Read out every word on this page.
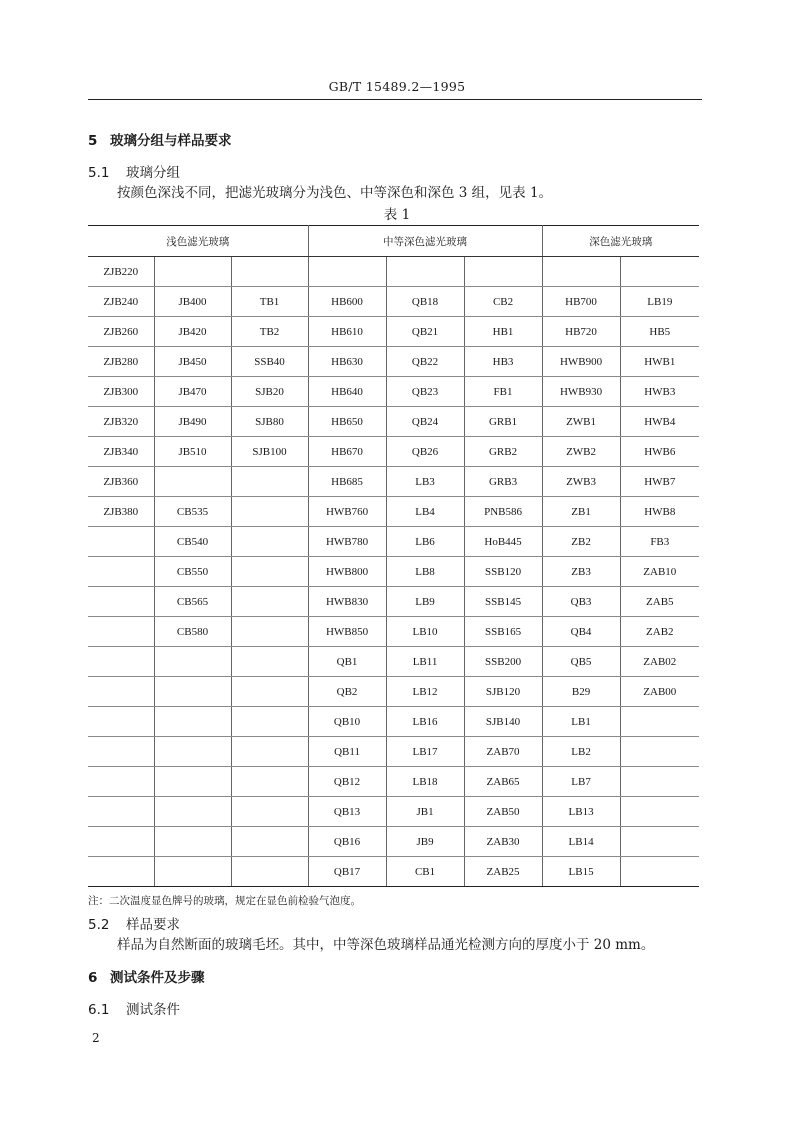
GB/T 15489.2—1995
5 玻璃分组与样品要求
5.1 玻璃分组
按颜色深浅不同，把滤光玻璃分为浅色、中等深色和深色 3 组，见表 1。
表 1
浅色滤光玻璃			中等深色滤光玻璃			深色滤光玻璃	
ZJB220							
ZJB240	JB400	TB1	HB600	QB18	CB2	HB700	LB19
ZJB260	JB420	TB2	HB610	QB21	HB1	HB720	HB5
ZJB280	JB450	SSB40	HB630	QB22	HB3	HWB900	HWB1
ZJB300	JB470	SJB20	HB640	QB23	FB1	HWB930	HWB3
ZJB320	JB490	SJB80	HB650	QB24	GRB1	ZWB1	HWB4
ZJB340	JB510	SJB100	HB670	QB26	GRB2	ZWB2	HWB6
ZJB360			HB685	LB3	GRB3	ZWB3	HWB7
ZJB380	CB535		HWB760	LB4	PNB586	ZB1	HWB8
	CB540		HWB780	LB6	HoB445	ZB2	FB3
	CB550		HWB800	LB8	SSB120	ZB3	ZAB10
	CB565		HWB830	LB9	SSB145	QB3	ZAB5
	CB580		HWB850	LB10	SSB165	QB4	ZAB2
			QB1	LB11	SSB200	QB5	ZAB02
			QB2	LB12	SJB120	B29	ZAB00
			QB10	LB16	SJB140	LB1	
			QB11	LB17	ZAB70	LB2	
			QB12	LB18	ZAB65	LB7	
			QB13	JB1	ZAB50	LB13	
			QB16	JB9	ZAB30	LB14	
			QB17	CB1	ZAB25	LB15	
注：二次温度显色牌号的玻璃，规定在显色前检验气泡度。
5.2 样品要求
样品为自然断面的玻璃毛坯。其中，中等深色玻璃样品通光检测方向的厚度小于 20 mm。
6 测试条件及步骤
6.1 测试条件
2
